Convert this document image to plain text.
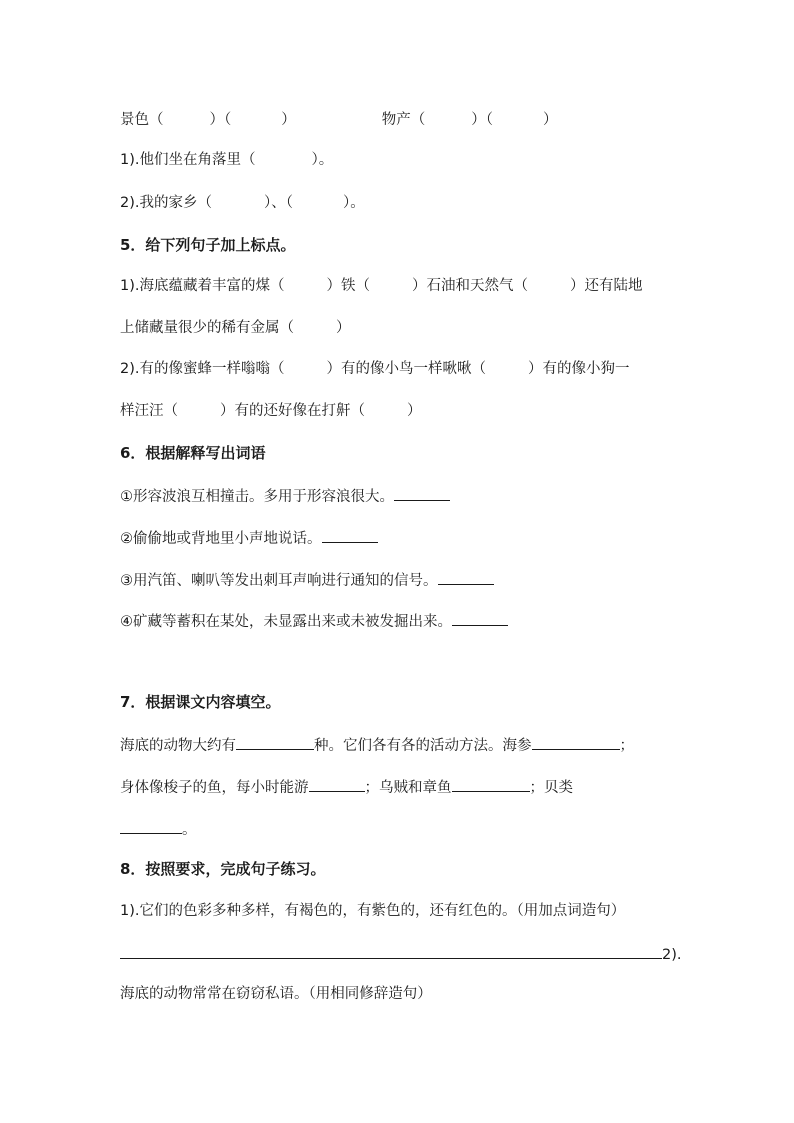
景色（	）（	）	物产（	）（	）
1).他们坐在角落里（	）。
2).我的家乡（	）、（	）。
5．给下列句子加上标点。
1).海底蕴藏着丰富的煤（	）铁（	）石油和天然气（	）还有陆地
上储藏量很少的稀有金属（	）
2).有的像蜜蜂一样嗡嗡（	）有的像小鸟一样啾啾（	）有的像小狗一
样汪汪（	）有的还好像在打鼾（	）
6．根据解释写出词语
①形容波浪互相撞击。多用于形容浪很大。
②偷偷地或背地里小声地说话。
③用汽笛、喇叭等发出刺耳声响进行通知的信号。
④矿藏等蓄积在某处，未显露出来或未被发掘出来。
7．根据课文内容填空。
海底的动物大约有	种。它们各有各的活动方法。海参	；
身体像梭子的鱼，每小时能游	；乌贼和章鱼	；贝类
。
8．按照要求，完成句子练习。
1).它们的色彩多种多样，有褐色的，有紫色的，还有红色的。（用加点词造句）
2).
海底的动物常常在窃窃私语。（用相同修辞造句）
